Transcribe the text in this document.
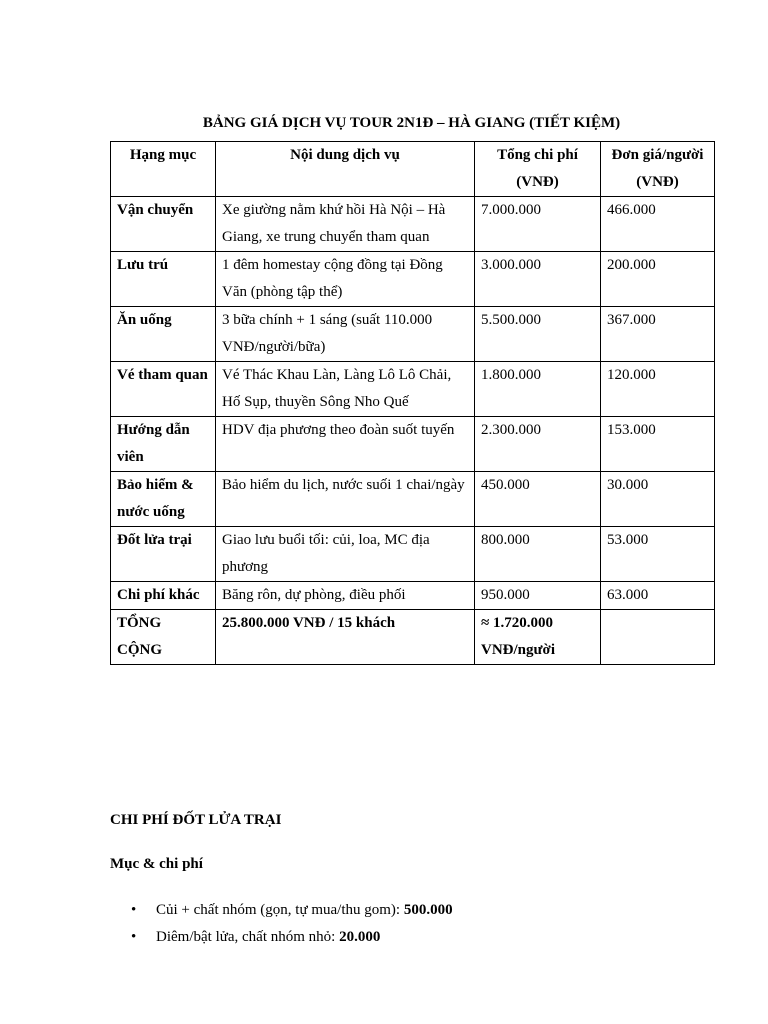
BẢNG GIÁ DỊCH VỤ TOUR 2N1Đ – HÀ GIANG (TIẾT KIỆM)
Hạng mục	Nội dung dịch vụ	Tổng chi phí (VNĐ)	Đơn giá/người (VNĐ)
Vận chuyển	Xe giường nằm khứ hồi Hà Nội – Hà Giang, xe trung chuyển tham quan	7.000.000	466.000
Lưu trú	1 đêm homestay cộng đồng tại Đồng Văn (phòng tập thể)	3.000.000	200.000
Ăn uống	3 bữa chính + 1 sáng (suất 110.000 VNĐ/người/bữa)	5.500.000	367.000
Vé tham quan	Vé Thác Khau Làn, Làng Lô Lô Chải, Hố Sụp, thuyền Sông Nho Quế	1.800.000	120.000
Hướng dẫn viên	HDV địa phương theo đoàn suốt tuyến	2.300.000	153.000
Bảo hiểm & nước uống	Bảo hiểm du lịch, nước suối 1 chai/ngày	450.000	30.000
Đốt lửa trại	Giao lưu buổi tối: củi, loa, MC địa phương	800.000	53.000
Chi phí khác	Băng rôn, dự phòng, điều phối	950.000	63.000
TỔNG CỘNG	25.800.000 VNĐ / 15 khách	≈ 1.720.000 VNĐ/người	
CHI PHÍ ĐỐT LỬA TRẠI
Mục & chi phí
• Củi + chất nhóm (gọn, tự mua/thu gom): 500.000
• Diêm/bật lửa, chất nhóm nhỏ: 20.000
